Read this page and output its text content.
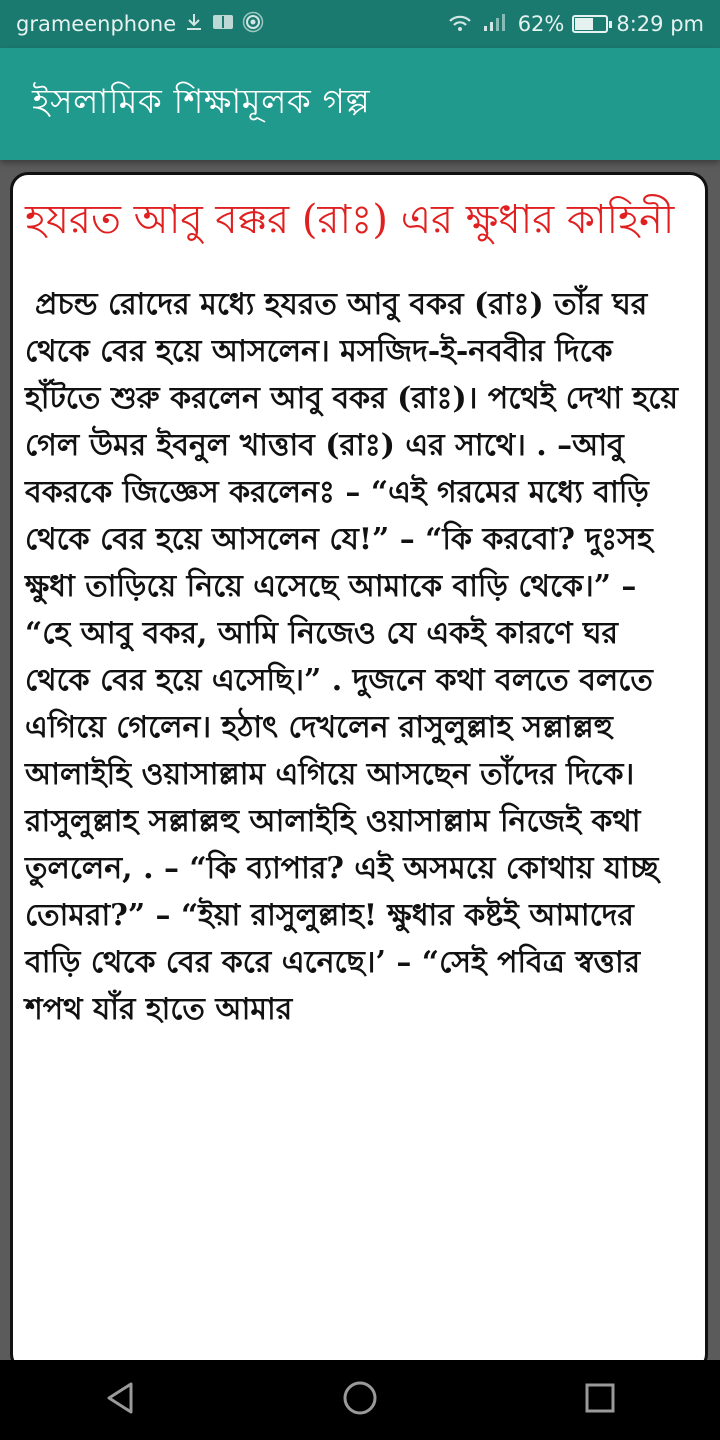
grameenphone	62% 8:29 pm
ইসলামিক শিক্ষামূলক গল্প
হযরত আবু বক্কর (রাঃ) এর ক্ষুধার কাহিনী
প্রচন্ড রোদের মধ্যে হযরত আবু বকর (রাঃ) তাঁর ঘর থেকে বের হয়ে আসলেন। মসজিদ-ই-নববীর দিকে হাঁটতে শুরু করলেন আবু বকর (রাঃ)। পথেই দেখা হয়ে গেল উমর ইবনুল খাত্তাব (রাঃ) এর সাথে। . –আবু বকরকে জিজ্ঞেস করলেনঃ – “এই গরমের মধ্যে বাড়ি থেকে বের হয়ে আসলেন যে!” – “কি করবো? দুঃসহ ক্ষুধা তাড়িয়ে নিয়ে এসেছে আমাকে বাড়ি থেকে।” – “হে আবু বকর, আমি নিজেও যে একই কারণে ঘর থেকে বের হয়ে এসেছি।” . দুজনে কথা বলতে বলতে এগিয়ে গেলেন। হঠাৎ দেখলেন রাসুলুল্লাহ সল্লাল্লহু আলাইহি ওয়াসাল্লাম এগিয়ে আসছেন তাঁদের দিকে। রাসুলুল্লাহ সল্লাল্লহু আলাইহি ওয়াসাল্লাম নিজেই কথা তুললেন, . – “কি ব্যাপার? এই অসময়ে কোথায় যাচ্ছ তোমরা?” – “ইয়া রাসুলুল্লাহ! ক্ষুধার কষ্টই আমাদের বাড়ি থেকে বের করে এনেছে।’ – “সেই পবিত্র স্বত্তার শপথ যাঁর হাতে আমার
